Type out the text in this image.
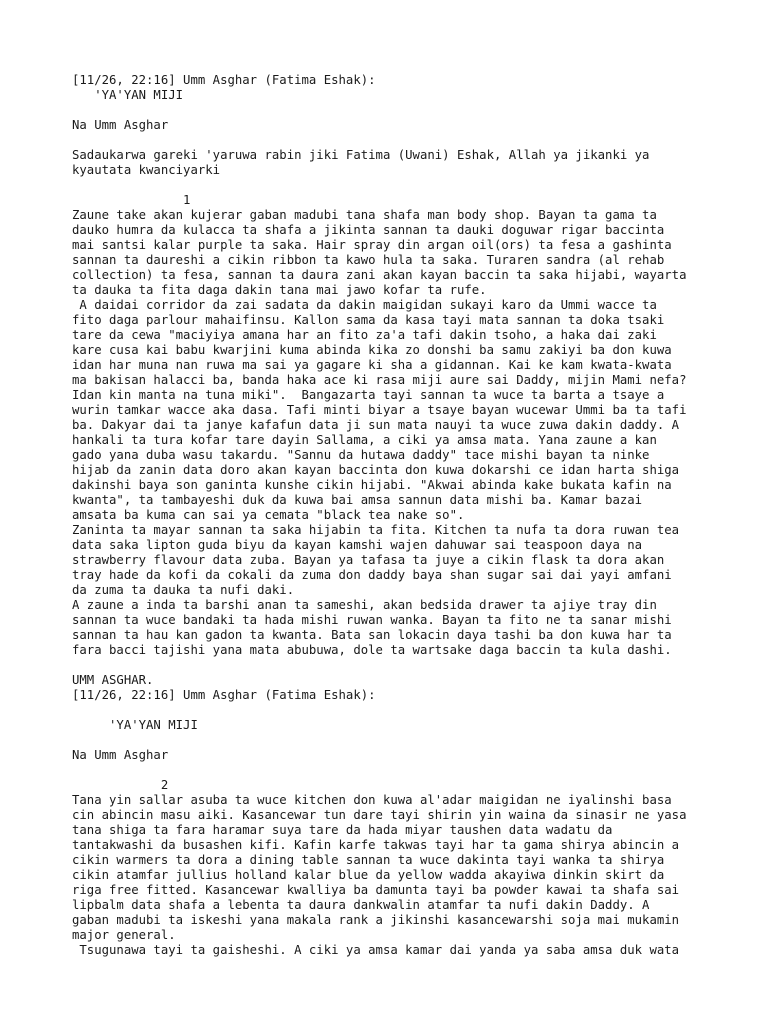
[11/26, 22:16] Umm Asghar (Fatima Eshak):
'YA'YAN MIJI
Na Umm Asghar
Sadaukarwa gareki 'yaruwa rabin jiki Fatima (Uwani) Eshak, Allah ya jikanki ya
kyautata kwanciyarki
1
Zaune take akan kujerar gaban madubi tana shafa man body shop. Bayan ta gama ta
dauko humra da kulacca ta shafa a jikinta sannan ta dauki doguwar rigar baccinta
mai santsi kalar purple ta saka. Hair spray din argan oil(ors) ta fesa a gashinta
sannan ta daureshi a cikin ribbon ta kawo hula ta saka. Turaren sandra (al rehab
collection) ta fesa, sannan ta daura zani akan kayan baccin ta saka hijabi, wayarta
ta dauka ta fita daga dakin tana mai jawo kofar ta rufe.
A daidai corridor da zai sadata da dakin maigidan sukayi karo da Ummi wacce ta
fito daga parlour mahaifinsu. Kallon sama da kasa tayi mata sannan ta doka tsaki
tare da cewa "maciyiya amana har an fito za'a tafi dakin tsoho, a haka dai zaki
kare cusa kai babu kwarjini kuma abinda kika zo donshi ba samu zakiyi ba don kuwa
idan har muna nan ruwa ma sai ya gagare ki sha a gidannan. Kai ke kam kwata-kwata
ma bakisan halacci ba, banda haka ace ki rasa miji aure sai Daddy, mijin Mami nefa?
Idan kin manta na tuna miki".  Bangazarta tayi sannan ta wuce ta barta a tsaye a
wurin tamkar wacce aka dasa. Tafi minti biyar a tsaye bayan wucewar Ummi ba ta tafi
ba. Dakyar dai ta janye kafafun data ji sun mata nauyi ta wuce zuwa dakin daddy. A
hankali ta tura kofar tare dayin Sallama, a ciki ya amsa mata. Yana zaune a kan
gado yana duba wasu takardu. "Sannu da hutawa daddy" tace mishi bayan ta ninke
hijab da zanin data doro akan kayan baccinta don kuwa dokarshi ce idan harta shiga
dakinshi baya son ganinta kunshe cikin hijabi. "Akwai abinda kake bukata kafin na
kwanta", ta tambayeshi duk da kuwa bai amsa sannun data mishi ba. Kamar bazai
amsata ba kuma can sai ya cemata "black tea nake so".
Zaninta ta mayar sannan ta saka hijabin ta fita. Kitchen ta nufa ta dora ruwan tea
data saka lipton guda biyu da kayan kamshi wajen dahuwar sai teaspoon daya na
strawberry flavour data zuba. Bayan ya tafasa ta juye a cikin flask ta dora akan
tray hade da kofi da cokali da zuma don daddy baya shan sugar sai dai yayi amfani
da zuma ta dauka ta nufi daki.
A zaune a inda ta barshi anan ta sameshi, akan bedsida drawer ta ajiye tray din
sannan ta wuce bandaki ta hada mishi ruwan wanka. Bayan ta fito ne ta sanar mishi
sannan ta hau kan gadon ta kwanta. Bata san lokacin daya tashi ba don kuwa har ta
fara bacci tajishi yana mata abubuwa, dole ta wartsake daga baccin ta kula dashi.
UMM ASGHAR.
[11/26, 22:16] Umm Asghar (Fatima Eshak):
'YA'YAN MIJI
Na Umm Asghar
2
Tana yin sallar asuba ta wuce kitchen don kuwa al'adar maigidan ne iyalinshi basa
cin abincin masu aiki. Kasancewar tun dare tayi shirin yin waina da sinasir ne yasa
tana shiga ta fara haramar suya tare da hada miyar taushen data wadatu da
tantakwashi da busashen kifi. Kafin karfe takwas tayi har ta gama shirya abincin a
cikin warmers ta dora a dining table sannan ta wuce dakinta tayi wanka ta shirya
cikin atamfar jullius holland kalar blue da yellow wadda akayiwa dinkin skirt da
riga free fitted. Kasancewar kwalliya ba damunta tayi ba powder kawai ta shafa sai
lipbalm data shafa a lebenta ta daura dankwalin atamfar ta nufi dakin Daddy. A
gaban madubi ta iskeshi yana makala rank a jikinshi kasancewarshi soja mai mukamin
major general.
Tsugunawa tayi ta gaisheshi. A ciki ya amsa kamar dai yanda ya saba amsa duk wata
